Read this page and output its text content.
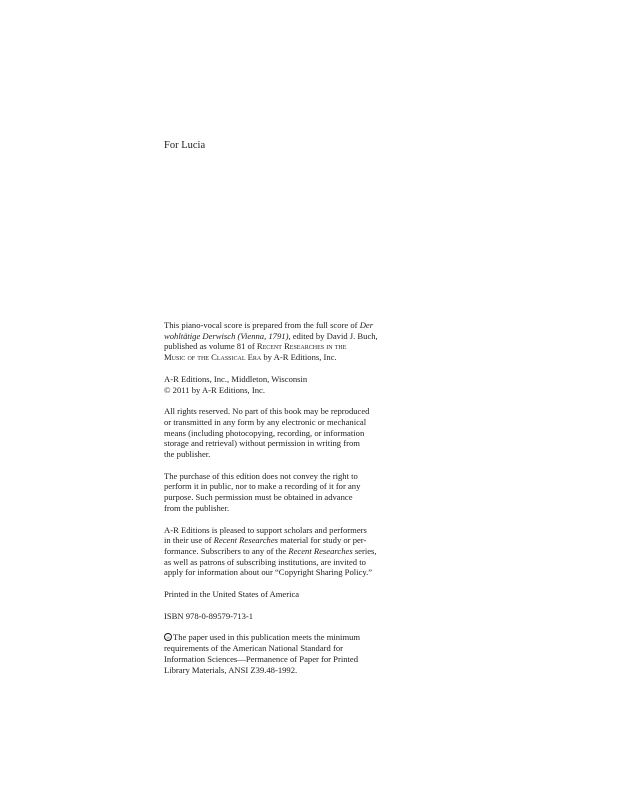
For Lucia

This piano-vocal score is prepared from the full score of Der
wohltätige Derwisch (Vienna, 1791), edited by David J. Buch,
published as volume 81 of Recent Researches in the
Music of the Classical Era by A-R Editions, Inc.

A-R Editions, Inc., Middleton, Wisconsin
© 2011 by A-R Editions, Inc.

All rights reserved. No part of this book may be reproduced
or transmitted in any form by any electronic or mechanical
means (including photocopying, recording, or information
storage and retrieval) without permission in writing from
the publisher.

The purchase of this edition does not convey the right to
perform it in public, nor to make a recording of it for any
purpose. Such permission must be obtained in advance
from the publisher.

A-R Editions is pleased to support scholars and performers
in their use of Recent Researches material for study or per-
formance. Subscribers to any of the Recent Researches series,
as well as patrons of subscribing institutions, are invited to
apply for information about our “Copyright Sharing Policy.”

Printed in the United States of America

ISBN 978-0-89579-713-1

∞ The paper used in this publication meets the minimum
requirements of the American National Standard for
Information Sciences—Permanence of Paper for Printed
Library Materials, ANSI Z39.48-1992.
